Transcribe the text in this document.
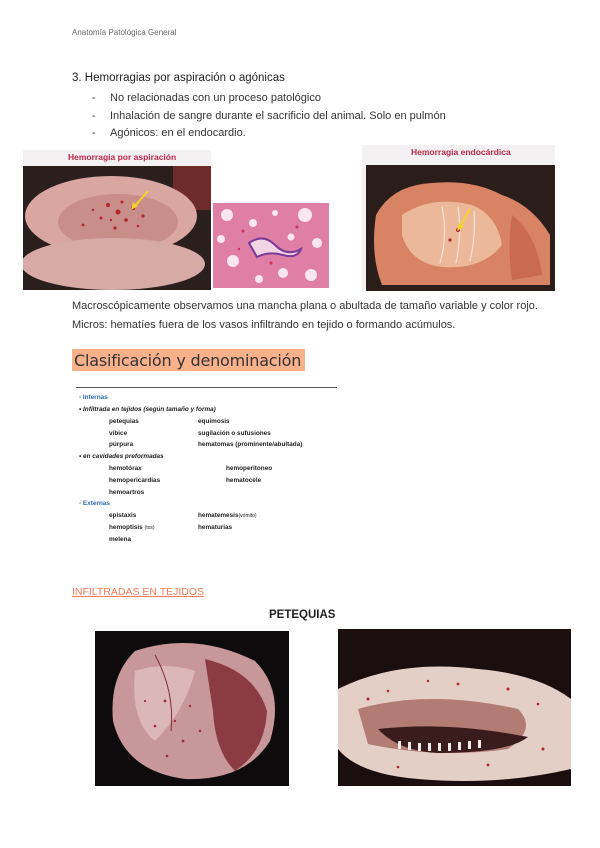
Anatomía Patológica General
3. Hemorragias por aspiración o agónicas
-	No relacionadas con un proceso patológico
-	Inhalación de sangre durante el sacrificio del animal. Solo en pulmón
-	Agónicos: en el endocardio.
Hemorragia por aspiración	Hemorragia endocárdica
Macroscópicamente observamos una mancha plana o abultada de tamaño variable y color rojo. Micros: hematíes fuera de los vasos infiltrando en tejido o formando acúmulos.
Clasificación y denominación
- Internas
• Infiltrada en tejidos (según tamaño y forma)
petequias	equimosis
víbice	sugilación o sufusiones
púrpura	hematomas (prominente/abultada)
• en cavidades preformadas
hemotórax	hemoperitoneo
hemopericardias	hematocele
hemoartros
- Externas
epistaxis	hematemesis(vómito)
hemoptisis (tos)	hematurias
melena
INFILTRADAS EN TEJIDOS
PETEQUIAS
